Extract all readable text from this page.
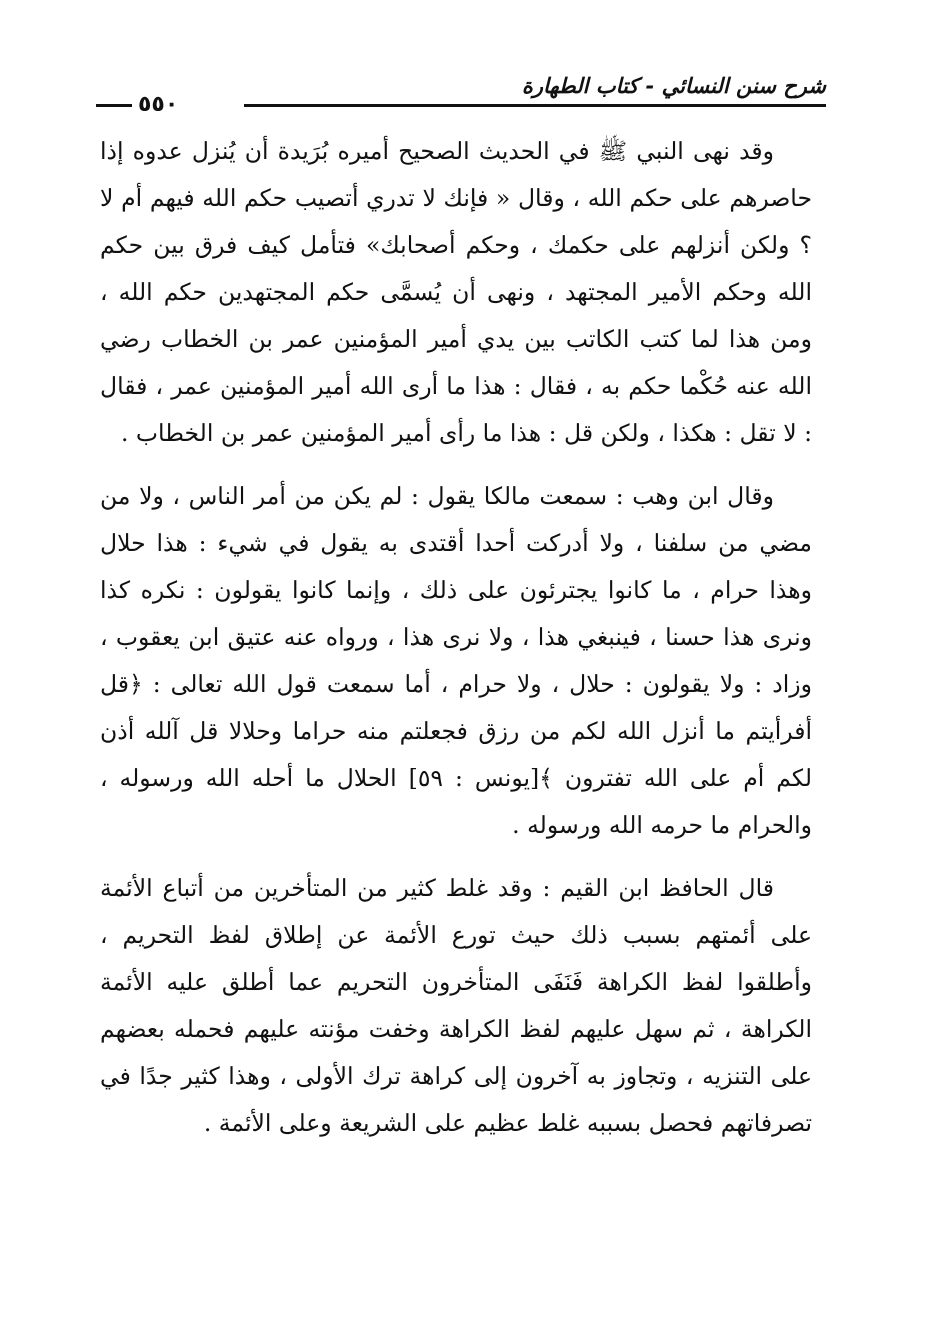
شرح سنن النسائي - كتاب الطهارة
٥٥٠

وقد نهى النبي ﷺ في الحديث الصحيح أميره بُرَيدة أن يُنزل عدوه إذا حاصرهم على حكم الله ، وقال « فإنك لا تدري أتصيب حكم الله فيهم أم لا ؟ ولكن أنزلهم على حكمك ، وحكم أصحابك» فتأمل كيف فرق بين حكم الله وحكم الأمير المجتهد ، ونهى أن يُسمَّى حكم المجتهدين حكم الله ، ومن هذا لما كتب الكاتب بين يدي أمير المؤمنين عمر بن الخطاب رضي الله عنه حُكْما حكم به ، فقال : هذا ما أرى الله أمير المؤمنين عمر ، فقال : لا تقل : هكذا ، ولكن قل : هذا ما رأى أمير المؤمنين عمر بن الخطاب .

وقال ابن وهب : سمعت مالكا يقول : لم يكن من أمر الناس ، ولا من مضي من سلفنا ، ولا أدركت أحدا أقتدى به يقول في شيء : هذا حلال وهذا حرام ، ما كانوا يجترئون على ذلك ، وإنما كانوا يقولون : نكره كذا ونرى هذا حسنا ، فينبغي هذا ، ولا نرى هذا ، ورواه عنه عتيق ابن يعقوب ، وزاد : ولا يقولون : حلال ، ولا حرام ، أما سمعت قول الله تعالى : ﴿قل أفرأيتم ما أنزل الله لكم من رزق فجعلتم منه حراما وحلالا قل آلله أذن لكم أم على الله تفترون ﴾[يونس : ٥٩] الحلال ما أحله الله ورسوله ، والحرام ما حرمه الله ورسوله .

قال الحافظ ابن القيم : وقد غلط كثير من المتأخرين من أتباع الأئمة على أئمتهم بسبب ذلك حيث تورع الأئمة عن إطلاق لفظ التحريم ، وأطلقوا لفظ الكراهة فَنَفَى المتأخرون التحريم عما أطلق عليه الأئمة الكراهة ، ثم سهل عليهم لفظ الكراهة وخفت مؤنته عليهم فحمله بعضهم على التنزيه ، وتجاوز به آخرون إلى كراهة ترك الأولى ، وهذا كثير جدًا في تصرفاتهم فحصل بسببه غلط عظيم على الشريعة وعلى الأئمة .
